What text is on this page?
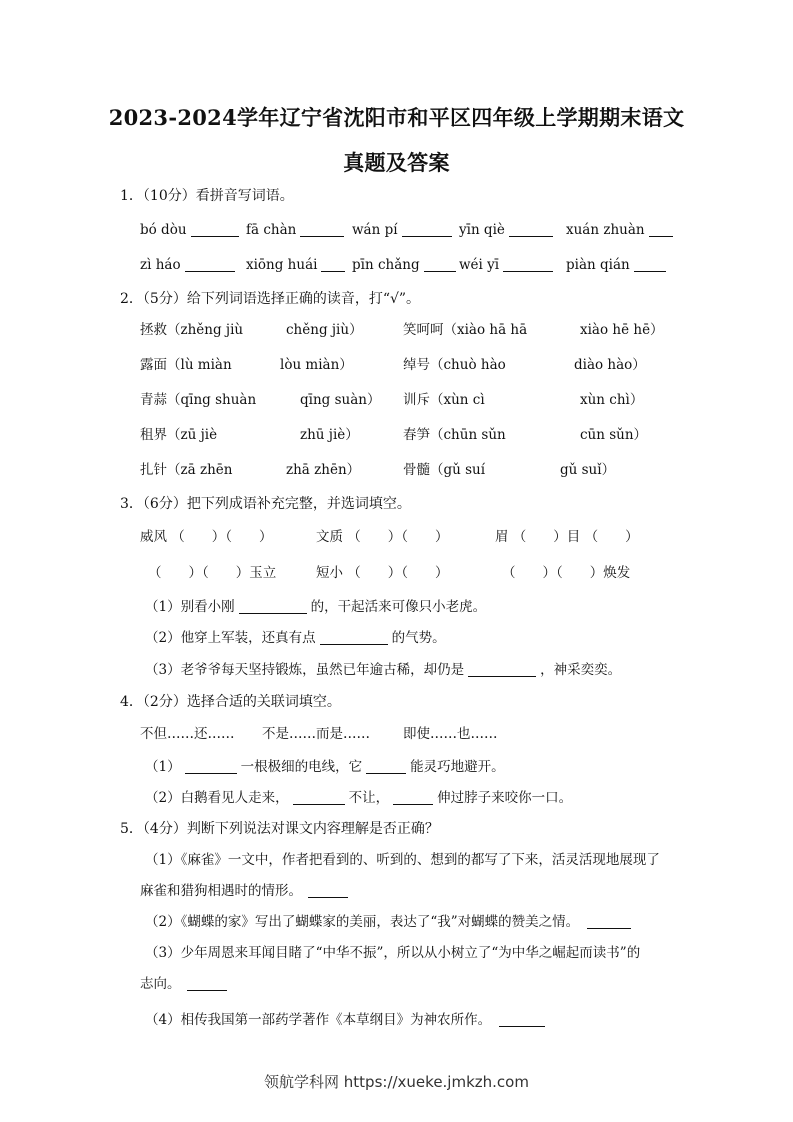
2023-2024学年辽宁省沈阳市和平区四年级上学期期末语文
真题及答案
1．（10分）看拼音写词语。
bó dòu	fā chàn	wán pí	yīn qiè	xuán zhuàn
zì háo	xiōng huái	pīn chǎng	wéi yī	piàn qián
2．（5分）给下列词语选择正确的读音，打“√”。
拯救（zhěng jiù	chěng jiù）	笑呵呵（xiào hā hā	xiào hē hē）
露面（lù miàn	lòu miàn）	绰号（chuò hào	diào hào）
青蒜（qīng shuàn	qīng suàn） 训斥（xùn cì	xùn chì）
租界（zū jiè	zhū jiè）	春笋（chūn sǔn	cūn sǔn）
扎针（zā zhēn	zhā zhēn）	骨髓（gǔ suí	gǔ suǐ）
3．（6分）把下列成语补充完整，并选词填空。
威风 （　　）（　　）	文质 （　　）（　　）	眉 （　　）目 （　　）
（　　）（　　）玉立	短小 （　　）（　　）	（　　）（　　）焕发
（1）别看小刚	的，干起活来可像只小老虎。
（2）他穿上军装，还真有点	的气势。
（3）老爷爷每天坚持锻炼，虽然已年逾古稀，却仍是	，神采奕奕。
4．（2分）选择合适的关联词填空。
不但……还…… 不是……而是…… 即使……也……
（1）	一根极细的电线，它	能灵巧地避开。
（2）白鹅看见人走来，	不让，	伸过脖子来咬你一口。
5．（4分）判断下列说法对课文内容理解是否正确？
（1）《麻雀》一文中，作者把看到的、听到的、想到的都写了下来，活灵活现地展现了
麻雀和猎狗相遇时的情形。
（2）《蝴蝶的家》写出了蝴蝶家的美丽，表达了“我”对蝴蝶的赞美之情。
（3）少年周恩来耳闻目睹了“中华不振”，所以从小树立了“为中华之崛起而读书”的
志向。
（4）相传我国第一部药学著作《本草纲目》为神农所作。
领航学科网 https://xueke.jmkzh.com
